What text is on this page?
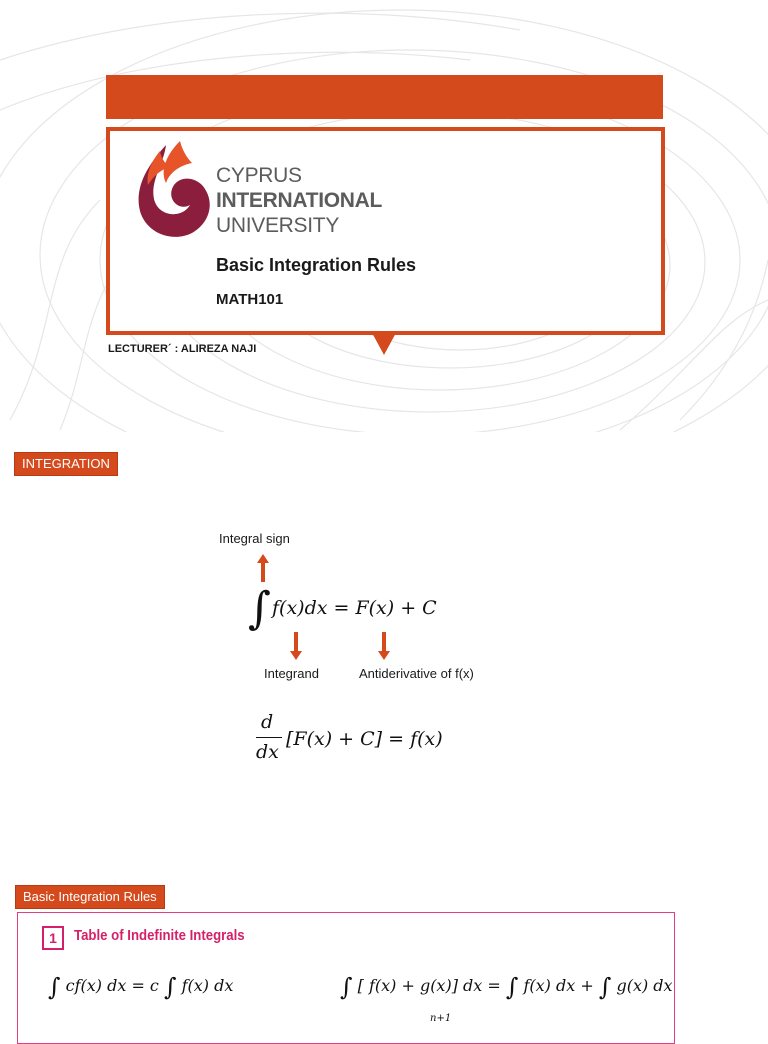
CYPRUS
INTERNATIONAL
UNIVERSITY
Basic Integration Rules
MATH101
LECTURER´ : ALIREZA NAJI
INTEGRATION
Integral sign
∫ f(x)dx = F(x) + C
Integrand	Antiderivative of f(x)
d
dx
[F(x) + C] = f(x)
Basic Integration Rules
1	Table of Indefinite Integrals
∫ cf(x) dx = c ∫ f(x) dx	∫ [ f(x) + g(x)] dx = ∫ f(x) dx + ∫ g(x) dx
n+1
